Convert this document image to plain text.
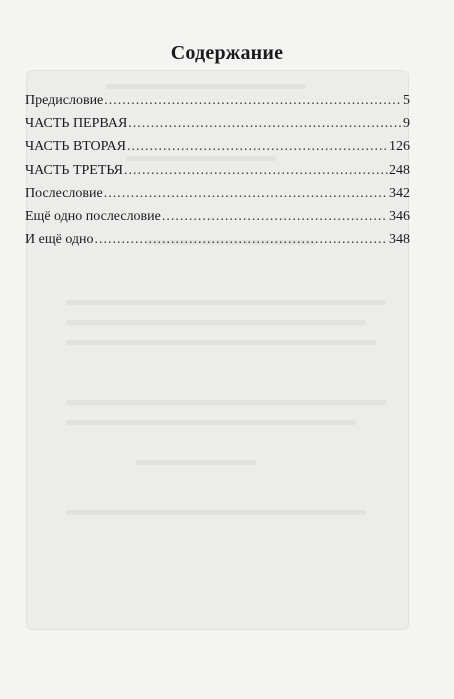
Содержание
Предисловие .....	5
ЧАСТЬ ПЕРВАЯ .....	9
ЧАСТЬ ВТОРАЯ .....	126
ЧАСТЬ ТРЕТЬЯ .....	248
Послесловие .....	342
Ещё одно послесловие .....	346
И ещё одно .....	348
